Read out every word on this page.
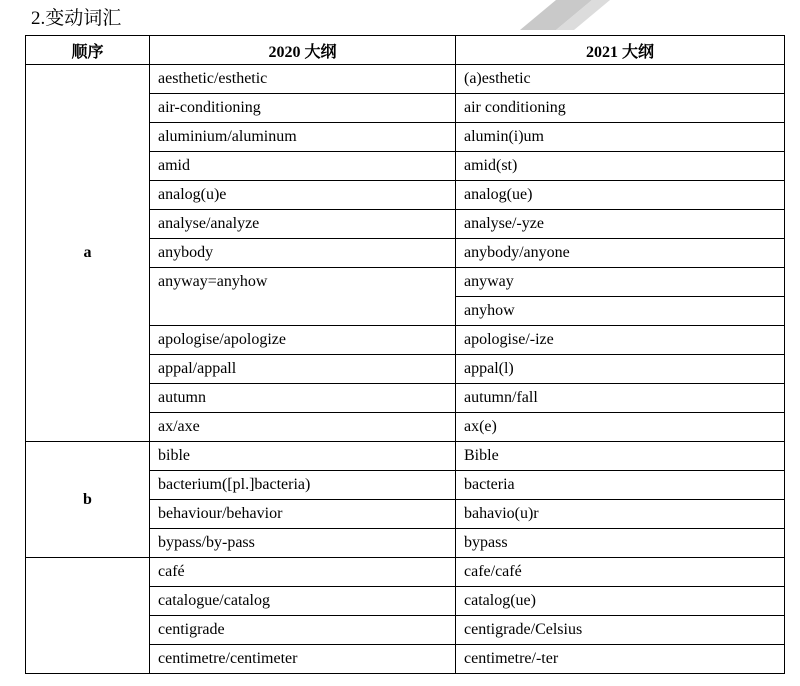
2.变动词汇
顺序	2020 大纲	2021 大纲
a	aesthetic/esthetic	(a)esthetic
	air-conditioning	air conditioning
	aluminium/aluminum	alumin(i)um
	amid	amid(st)
	analog(u)e	analog(ue)
	analyse/analyze	analyse/-yze
	anybody	anybody/anyone
	anyway=anyhow	anyway
		anyhow
	apologise/apologize	apologise/-ize
	appal/appall	appal(l)
	autumn	autumn/fall
	ax/axe	ax(e)
b	bible	Bible
	bacterium([pl.]bacteria)	bacteria
	behaviour/behavior	bahavio(u)r
	bypass/by-pass	bypass
	café	cafe/café
	catalogue/catalog	catalog(ue)
	centigrade	centigrade/Celsius
	centimetre/centimeter	centimetre/-ter
